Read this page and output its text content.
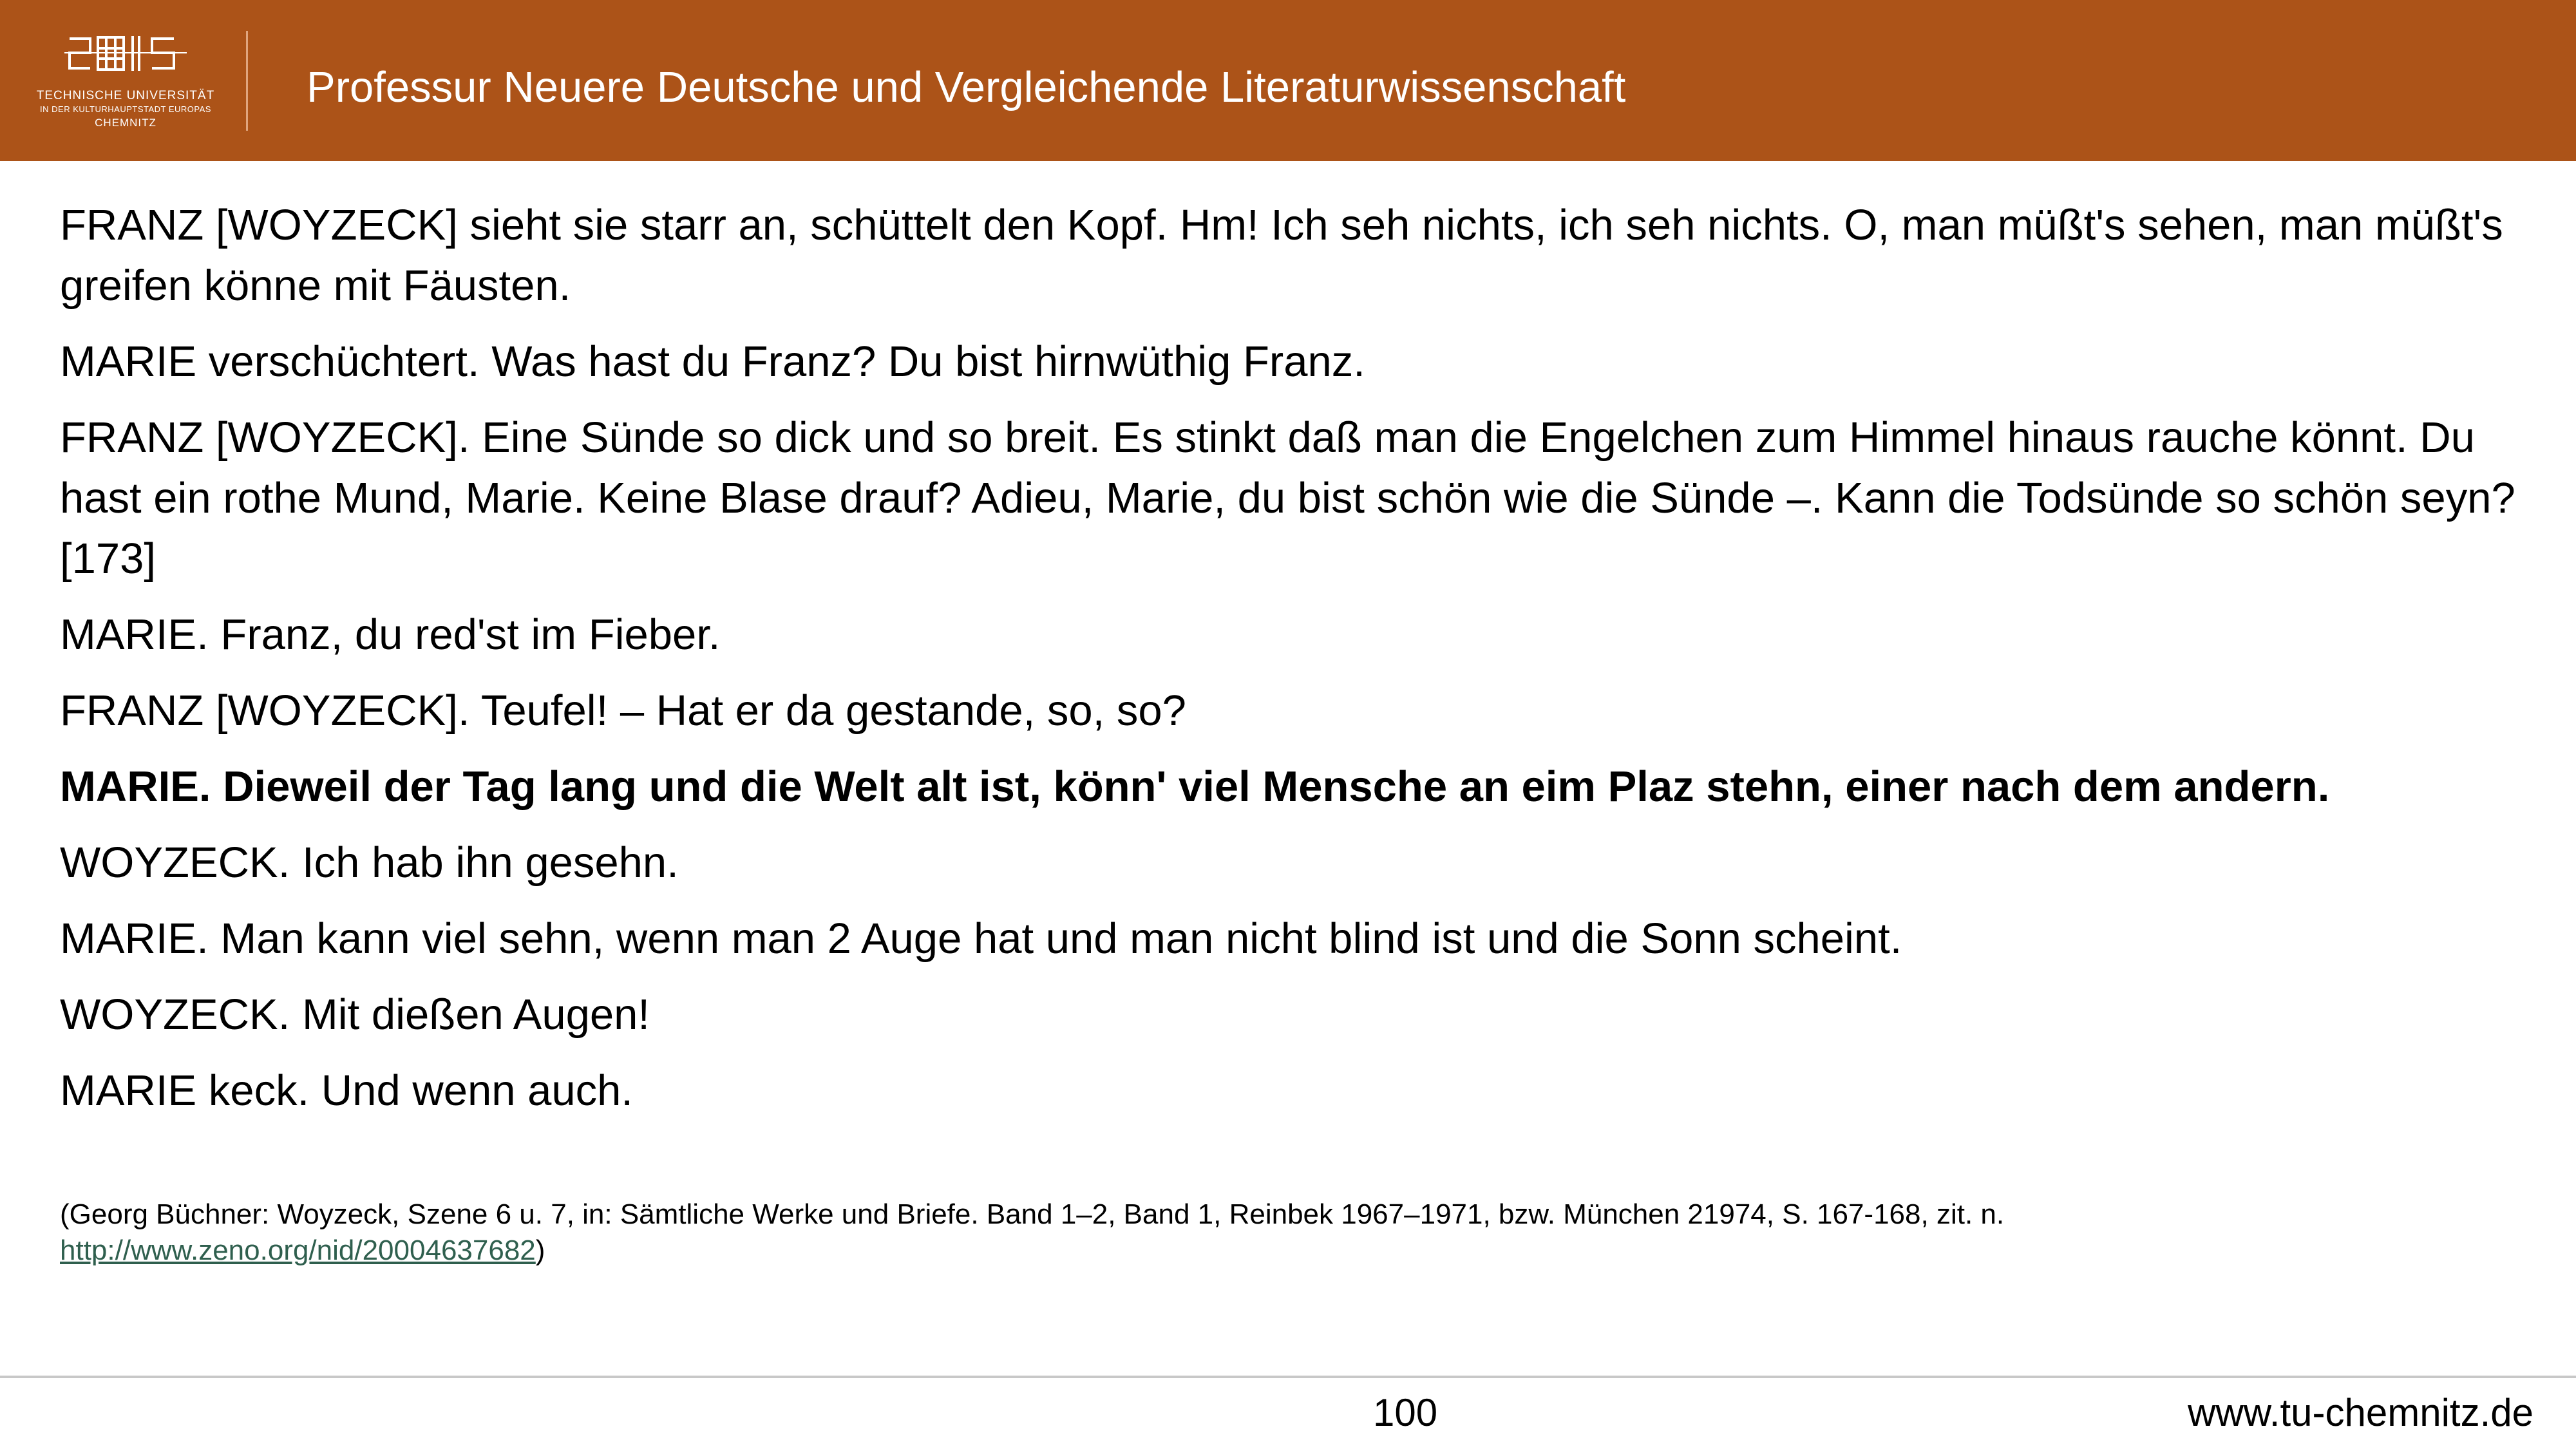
TECHNISCHE UNIVERSITÄT
IN DER KULTURHAUPTSTADT EUROPAS
CHEMNITZ
Professur Neuere Deutsche und Vergleichende Literaturwissenschaft

FRANZ [WOYZECK] sieht sie starr an, schüttelt den Kopf. Hm! Ich seh nichts, ich seh nichts. O, man müßt's sehen, man müßt's greifen könne mit Fäusten.

MARIE verschüchtert. Was hast du Franz? Du bist hirnwüthig Franz.

FRANZ [WOYZECK]. Eine Sünde so dick und so breit. Es stinkt daß man die Engelchen zum Himmel hinaus rauche könnt. Du hast ein rothe Mund, Marie. Keine Blase drauf? Adieu, Marie, du bist schön wie die Sünde –. Kann die Todsünde so schön seyn?[173]

MARIE. Franz, du red'st im Fieber.

FRANZ [WOYZECK]. Teufel! – Hat er da gestande, so, so?

MARIE. Dieweil der Tag lang und die Welt alt ist, könn' viel Mensche an eim Plaz stehn, einer nach dem andern.

WOYZECK. Ich hab ihn gesehn.

MARIE. Man kann viel sehn, wenn man 2 Auge hat und man nicht blind ist und die Sonn scheint.

WOYZECK. Mit dießen Augen!

MARIE keck. Und wenn auch.

(Georg Büchner: Woyzeck, Szene 6 u. 7, in: Sämtliche Werke und Briefe. Band 1–2, Band 1, Reinbek 1967–1971, bzw. München 21974, S. 167-168, zit. n.
http://www.zeno.org/nid/20004637682)
100	www.tu-chemnitz.de
